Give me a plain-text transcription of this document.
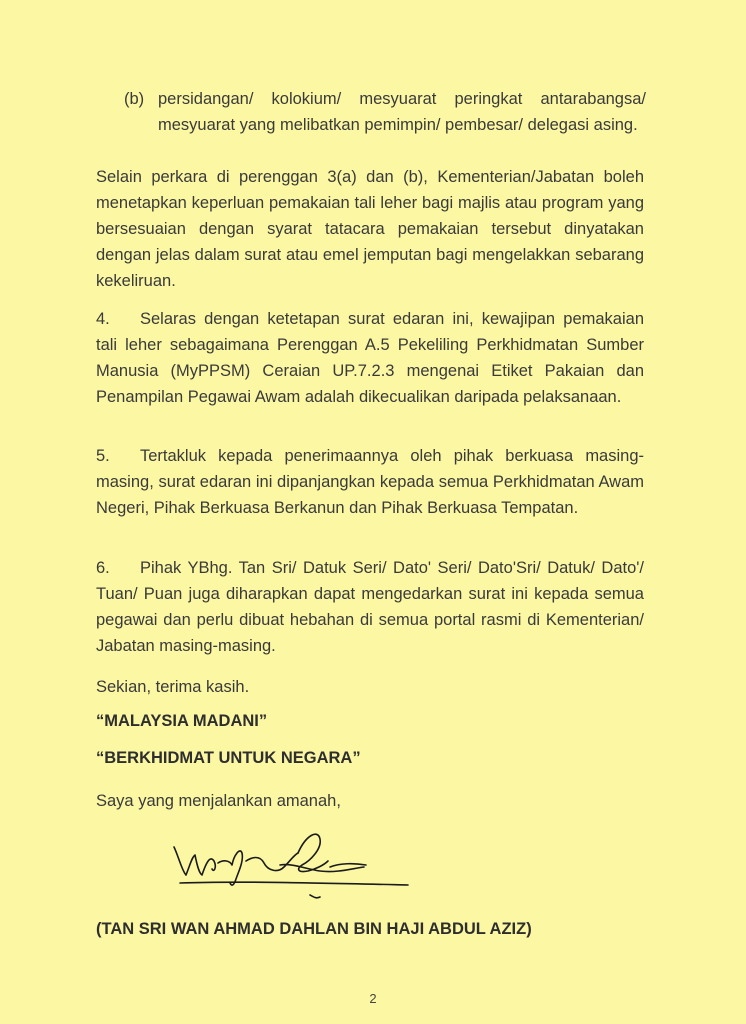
(b) persidangan/ kolokium/ mesyuarat peringkat antarabangsa/ mesyuarat yang melibatkan pemimpin/ pembesar/ delegasi asing.

Selain perkara di perenggan 3(a) dan (b), Kementerian/Jabatan boleh menetapkan keperluan pemakaian tali leher bagi majlis atau program yang bersesuaian dengan syarat tatacara pemakaian tersebut dinyatakan dengan jelas dalam surat atau emel jemputan bagi mengelakkan sebarang kekeliruan.

4. Selaras dengan ketetapan surat edaran ini, kewajipan pemakaian tali leher sebagaimana Perenggan A.5 Pekeliling Perkhidmatan Sumber Manusia (MyPPSM) Ceraian UP.7.2.3 mengenai Etiket Pakaian dan Penampilan Pegawai Awam adalah dikecualikan daripada pelaksanaan.

5. Tertakluk kepada penerimaannya oleh pihak berkuasa masing-masing, surat edaran ini dipanjangkan kepada semua Perkhidmatan Awam Negeri, Pihak Berkuasa Berkanun dan Pihak Berkuasa Tempatan.

6. Pihak YBhg. Tan Sri/ Datuk Seri/ Dato' Seri/ Dato'Sri/ Datuk/ Dato'/ Tuan/ Puan juga diharapkan dapat mengedarkan surat ini kepada semua pegawai dan perlu dibuat hebahan di semua portal rasmi di Kementerian/ Jabatan masing-masing.

Sekian, terima kasih.

“MALAYSIA MADANI”

“BERKHIDMAT UNTUK NEGARA”

Saya yang menjalankan amanah,

(TAN SRI WAN AHMAD DAHLAN BIN HAJI ABDUL AZIZ)

2
